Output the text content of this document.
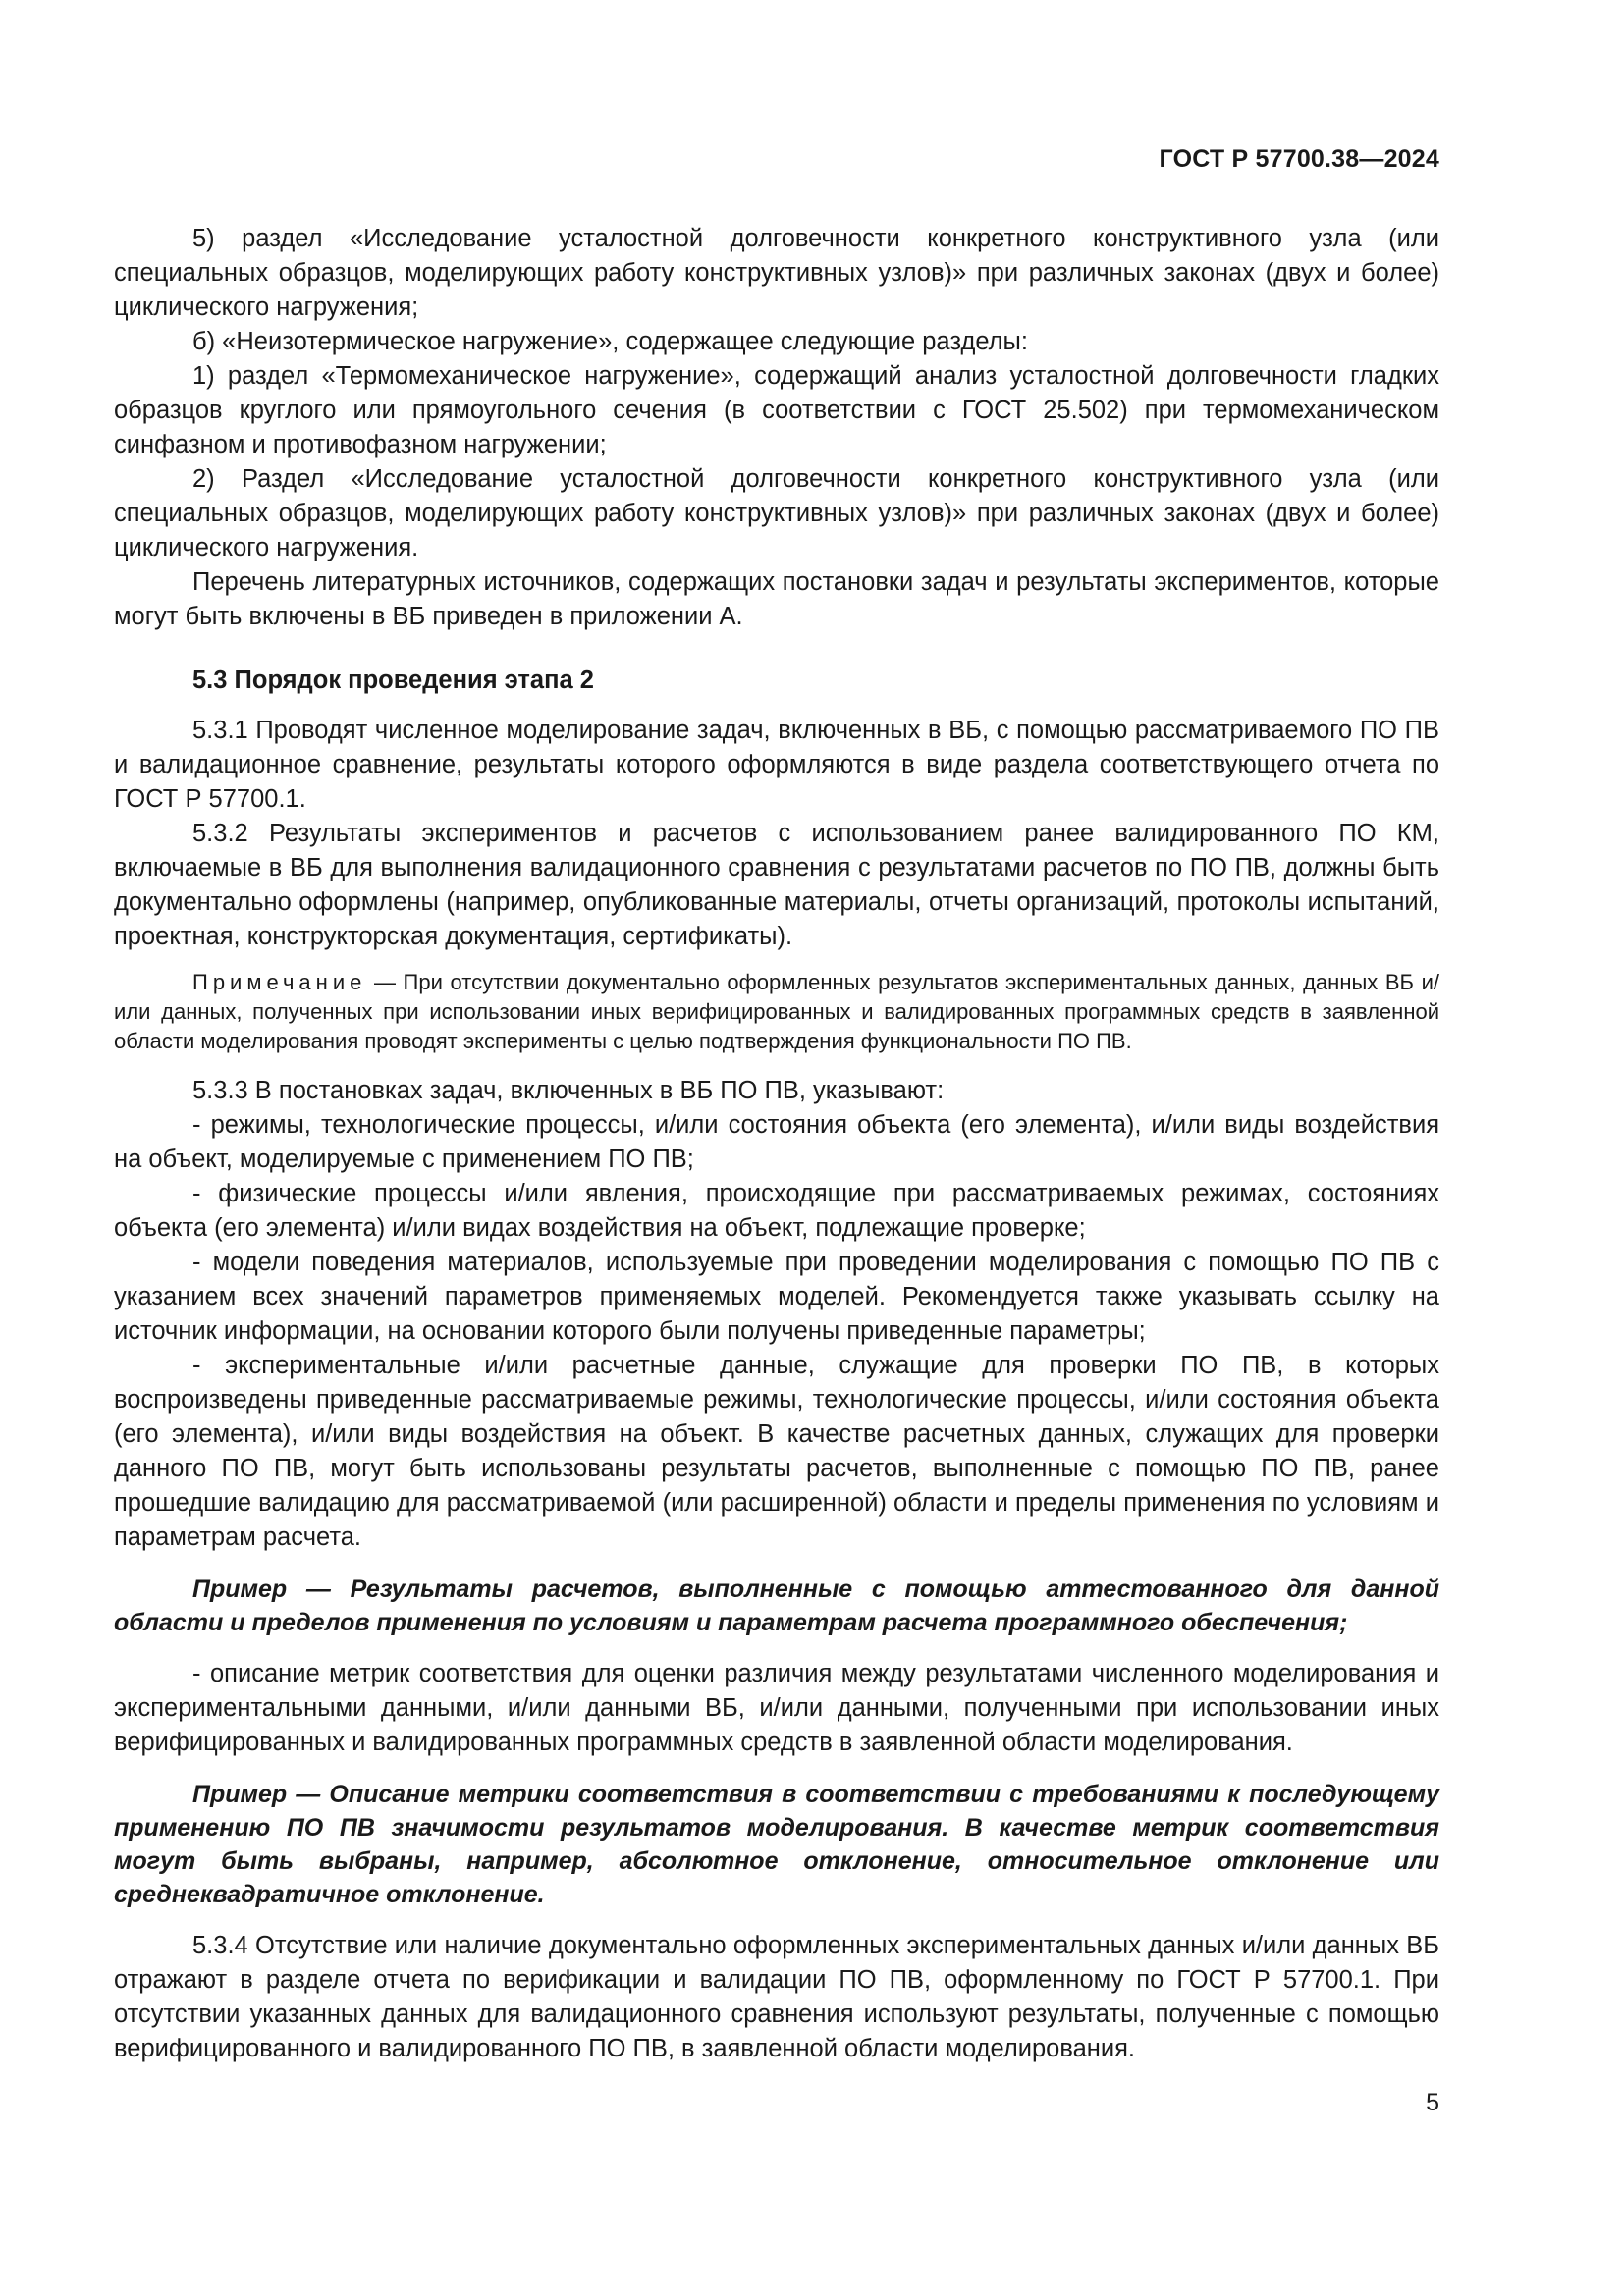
ГОСТ Р 57700.38—2024

5) раздел «Исследование усталостной долговечности конкретного конструктивного узла (или специальных образцов, моделирующих работу конструктивных узлов)» при различных законах (двух и более) циклического нагружения;

б) «Неизотермическое нагружение», содержащее следующие разделы:

1) раздел «Термомеханическое нагружение», содержащий анализ усталостной долговечности гладких образцов круглого или прямоугольного сечения (в соответствии с ГОСТ 25.502) при термомеханическом синфазном и противофазном нагружении;

2) Раздел «Исследование усталостной долговечности конкретного конструктивного узла (или специальных образцов, моделирующих работу конструктивных узлов)» при различных законах (двух и более) циклического нагружения.

Перечень литературных источников, содержащих постановки задач и результаты экспериментов, которые могут быть включены в ВБ приведен в приложении А.

5.3 Порядок проведения этапа 2

5.3.1 Проводят численное моделирование задач, включенных в ВБ, с помощью рассматриваемого ПО ПВ и валидационное сравнение, результаты которого оформляются в виде раздела соответствующего отчета по ГОСТ Р 57700.1.

5.3.2 Результаты экспериментов и расчетов с использованием ранее валидированного ПО КМ, включаемые в ВБ для выполнения валидационного сравнения с результатами расчетов по ПО ПВ, должны быть документально оформлены (например, опубликованные материалы, отчеты организаций, протоколы испытаний, проектная, конструкторская документация, сертификаты).

Примечание — При отсутствии документально оформленных результатов экспериментальных данных, данных ВБ и/или данных, полученных при использовании иных верифицированных и валидированных программных средств в заявленной области моделирования проводят эксперименты с целью подтверждения функциональности ПО ПВ.

5.3.3 В постановках задач, включенных в ВБ ПО ПВ, указывают:

- режимы, технологические процессы, и/или состояния объекта (его элемента), и/или виды воздействия на объект, моделируемые с применением ПО ПВ;

- физические процессы и/или явления, происходящие при рассматриваемых режимах, состояниях объекта (его элемента) и/или видах воздействия на объект, подлежащие проверке;

- модели поведения материалов, используемые при проведении моделирования с помощью ПО ПВ с указанием всех значений параметров применяемых моделей. Рекомендуется также указывать ссылку на источник информации, на основании которого были получены приведенные параметры;

- экспериментальные и/или расчетные данные, служащие для проверки ПО ПВ, в которых воспроизведены приведенные рассматриваемые режимы, технологические процессы, и/или состояния объекта (его элемента), и/или виды воздействия на объект. В качестве расчетных данных, служащих для проверки данного ПО ПВ, могут быть использованы результаты расчетов, выполненные с помощью ПО ПВ, ранее прошедшие валидацию для рассматриваемой (или расширенной) области и пределы применения по условиям и параметрам расчета.

Пример — Результаты расчетов, выполненные с помощью аттестованного для данной области и пределов применения по условиям и параметрам расчета программного обеспечения;

- описание метрик соответствия для оценки различия между результатами численного моделирования и экспериментальными данными, и/или данными ВБ, и/или данными, полученными при использовании иных верифицированных и валидированных программных средств в заявленной области моделирования.

Пример — Описание метрики соответствия в соответствии с требованиями к последующему применению ПО ПВ значимости результатов моделирования. В качестве метрик соответствия могут быть выбраны, например, абсолютное отклонение, относительное отклонение или среднеквадратичное отклонение.

5.3.4 Отсутствие или наличие документально оформленных экспериментальных данных и/или данных ВБ отражают в разделе отчета по верификации и валидации ПО ПВ, оформленному по ГОСТ Р 57700.1. При отсутствии указанных данных для валидационного сравнения используют результаты, полученные с помощью верифицированного и валидированного ПО ПВ, в заявленной области моделирования.

5
